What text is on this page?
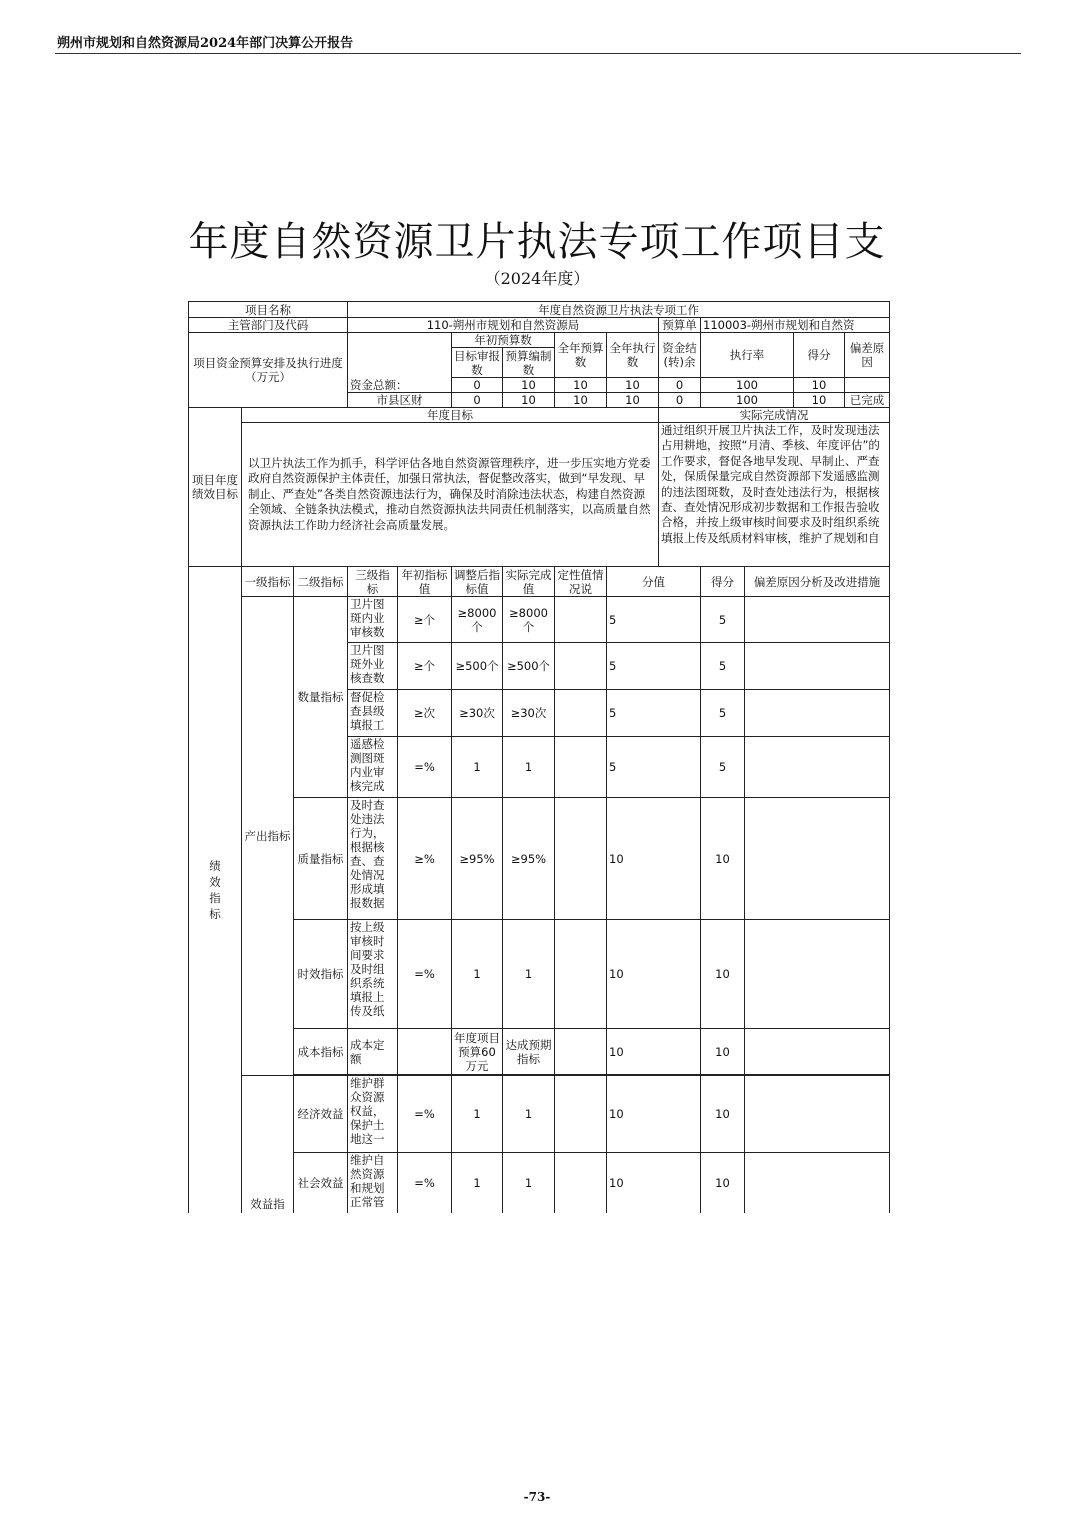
朔州市规划和自然资源局2024年部门决算公开报告
年度自然资源卫片执法专项工作项目支
（2024年度）
项目名称			年度自然资源卫片执法专项工作										
主管部门及代码			110-朔州市规划和自然资源局						预算单	110003-朔州市规划和自然资			
项目资金预算安排及执行进度（万元）					年初预算数		全年预算数	全年执行数	资金结(转)余	执行率		得分	偏差原因
					目标审报数	预算编制数							
			资金总额：		0	10	10	10	0	100		10	
			市县区财		0	10	10	10	0	100		10	已完成
项目年度绩效目标	年度目标								实际完成情况				

	以卫片执法工作为抓手，科学评估各地自然资源管理秩序，进一步压实地方党委政府自然资源保护主体责任，加强日常执法，督促整改落实，做到“早发现、早制止、严查处”各类自然资源违法行为，确保及时消除违法状态，构建自然资源全领域、全链条执法模式，推动自然资源执法共同责任机制落实，以高质量自然资源执法工作助力经济社会高质量发展。								通过组织开展卫片执法工作，及时发现违法占用耕地，按照“月清、季核、年度评估”的工作要求，督促各地早发现、早制止、严查处，保质保量完成自然资源部下发遥感监测的违法图斑数，及时查处违法行为，根据核查、查处情况形成初步数据和工作报告验收合格，并按上级审核时间要求及时组织系统填报上传及纸质材料审核，维护了规划和自				

绩效指标	一级指标	二级指标	三级指标	年初指标值	调整后指标值	实际完成值	定性值情况说	分值		得分	偏差原因分析及改进措施		
	产出指标	数量指标	卫片图斑内业审核数	≥个	≥8000个	≥8000个		5		5			

			卫片图斑外业核查数	≥个	≥500个	≥500个		5		5			

			督促检查县级填报工	≥次	≥30次	≥30次		5		5			

			遥感检测图斑内业审核完成	=%	1	1		5		5			
		质量指标	及时查处违法行为，根据核查、查处情况形成填报数据	≥%	≥95%	≥95%		10		10			
		时效指标	按上级审核时间要求及时组织系统填报上传及纸	=%	1	1		10		10			
		成本指标	成本定额		年度项目预算60万元	达成预期指标		10		10			

	效益指	经济效益	维护群众资源权益，保护土地这一	=%	1	1		10		10			
		社会效益	维护自然资源和规划正常管	=%	1	1		10		10			
-73-
